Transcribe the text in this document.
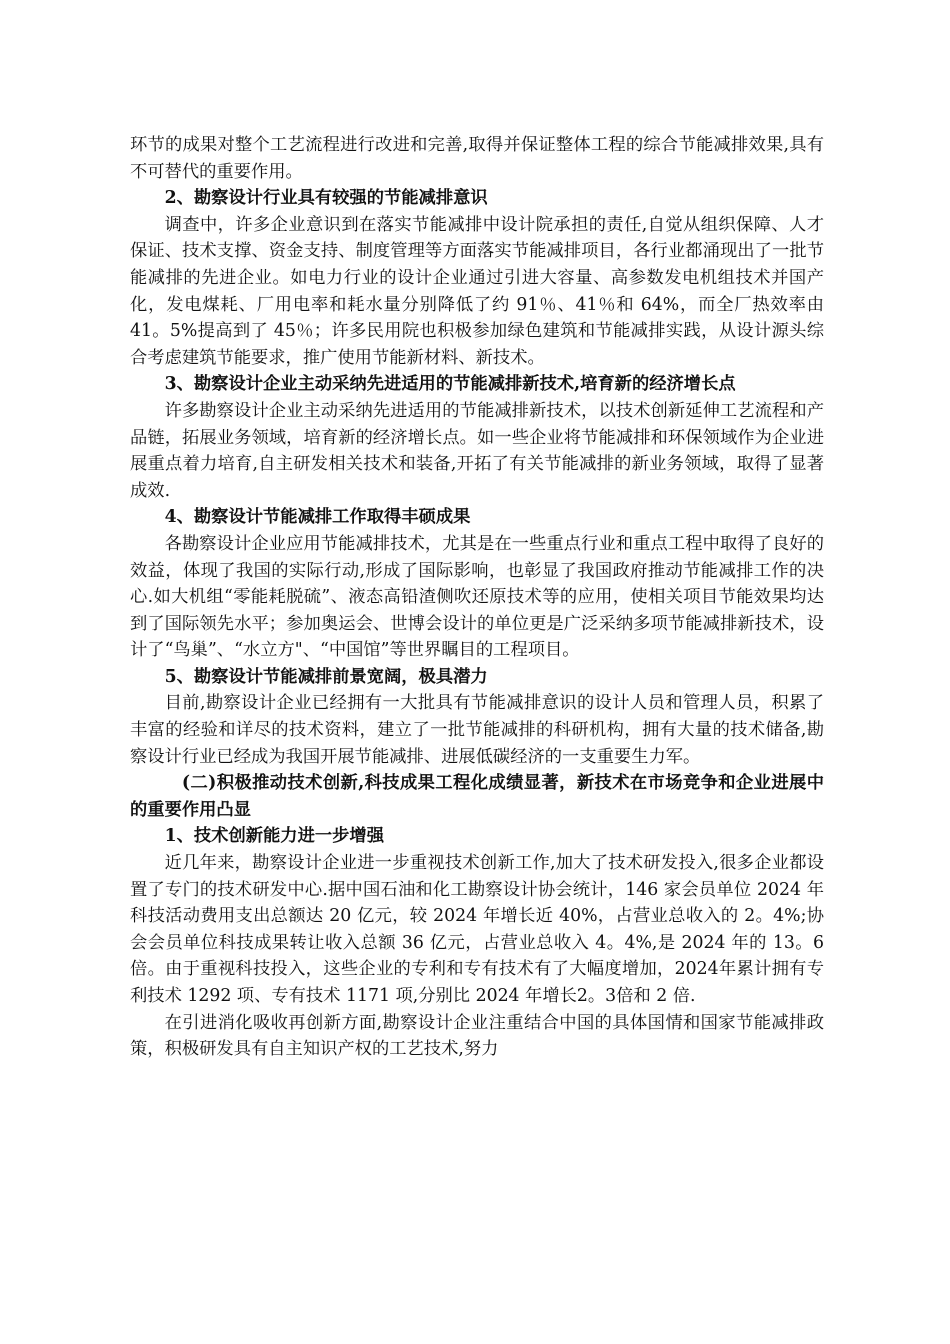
环节的成果对整个工艺流程进行改进和完善,取得并保证整体工程的综合节能减排效果,具有不可替代的重要作用。

2、勘察设计行业具有较强的节能减排意识

调查中，许多企业意识到在落实节能减排中设计院承担的责任,自觉从组织保障、人才保证、技术支撑、资金支持、制度管理等方面落实节能减排项目，各行业都涌现出了一批节能减排的先进企业。如电力行业的设计企业通过引进大容量、高参数发电机组技术并国产化，发电煤耗、厂用电率和耗水量分别降低了约 91％、41％和 64%，而全厂热效率由 41。5%提高到了 45％；许多民用院也积极参加绿色建筑和节能减排实践，从设计源头综合考虑建筑节能要求，推广使用节能新材料、新技术。

3、勘察设计企业主动采纳先进适用的节能减排新技术,培育新的经济增长点

许多勘察设计企业主动采纳先进适用的节能减排新技术，以技术创新延伸工艺流程和产品链，拓展业务领域，培育新的经济增长点。如一些企业将节能减排和环保领域作为企业进展重点着力培育,自主研发相关技术和装备,开拓了有关节能减排的新业务领域，取得了显著成效.

4、勘察设计节能减排工作取得丰硕成果

各勘察设计企业应用节能减排技术，尤其是在一些重点行业和重点工程中取得了良好的效益，体现了我国的实际行动,形成了国际影响，也彰显了我国政府推动节能减排工作的决心.如大机组“零能耗脱硫”、液态高铅渣侧吹还原技术等的应用，使相关项目节能效果均达到了国际领先水平；参加奥运会、世博会设计的单位更是广泛采纳多项节能减排新技术，设计了“鸟巢”、“水立方"、“中国馆”等世界瞩目的工程项目。

5、勘察设计节能减排前景宽阔，极具潜力

目前,勘察设计企业已经拥有一大批具有节能减排意识的设计人员和管理人员，积累了丰富的经验和详尽的技术资料，建立了一批节能减排的科研机构，拥有大量的技术储备,勘察设计行业已经成为我国开展节能减排、进展低碳经济的一支重要生力军。

(二)积极推动技术创新,科技成果工程化成绩显著，新技术在市场竞争和企业进展中的重要作用凸显

1、技术创新能力进一步增强

近几年来，勘察设计企业进一步重视技术创新工作,加大了技术研发投入,很多企业都设置了专门的技术研发中心.据中国石油和化工勘察设计协会统计，146 家会员单位 2024 年科技活动费用支出总额达 20 亿元，较 2024 年增长近 40%，占营业总收入的 2。4%;协会会员单位科技成果转让收入总额 36 亿元，占营业总收入 4。4%,是 2024 年的 13。6 倍。由于重视科技投入，这些企业的专利和专有技术有了大幅度增加，2024年累计拥有专利技术 1292 项、专有技术 1171 项,分别比 2024 年增长2。3倍和 2 倍.

在引进消化吸收再创新方面,勘察设计企业注重结合中国的具体国情和国家节能减排政策，积极研发具有自主知识产权的工艺技术,努力
